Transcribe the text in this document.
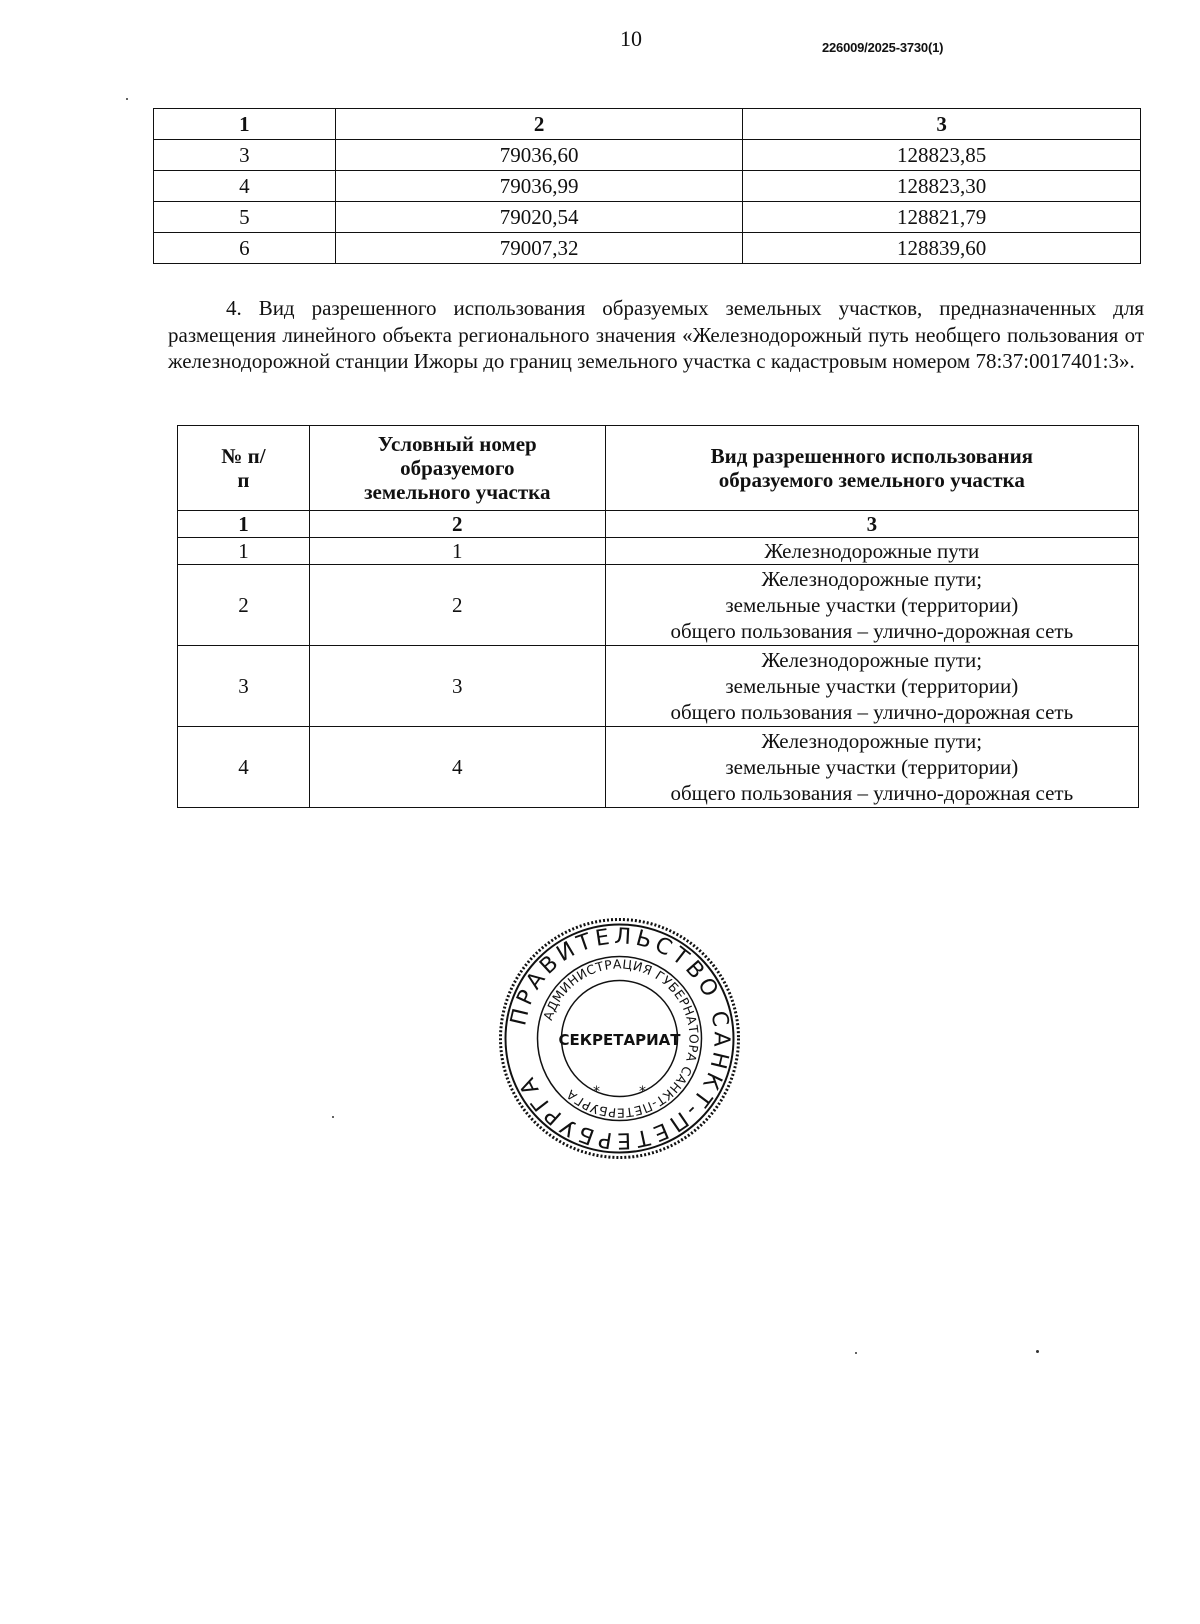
10	226009/2025-3730(1)
1	2	3
3	79036,60	128823,85
4	79036,99	128823,30
5	79020,54	128821,79
6	79007,32	128839,60
4. Вид разрешенного использования образуемых земельных участков, предназначенных для размещения линейного объекта регионального значения «Железнодорожный путь необщего пользования от железнодорожной станции Ижоры до границ земельного участка с кадастровым номером 78:37:0017401:3».
№ п/п	Условный номер образуемого земельного участка	Вид разрешенного использования образуемого земельного участка
1	2	3
1	1	Железнодорожные пути

2	2	Железнодорожные пути;
земельные участки (территории)
общего пользования – улично-дорожная сеть

3	3	Железнодорожные пути;
земельные участки (территории)
общего пользования – улично-дорожная сеть

4	4	Железнодорожные пути;
земельные участки (территории)
общего пользования – улично-дорожная сеть
ПРАВИТЕЛЬСТВО САНКТ-ПЕТЕРБУРГА
АДМИНИСТРАЦИЯ ГУБЕРНАТОРА САНКТ-ПЕТЕРБУРГА
СЕКРЕТАРИАТ
*	*
